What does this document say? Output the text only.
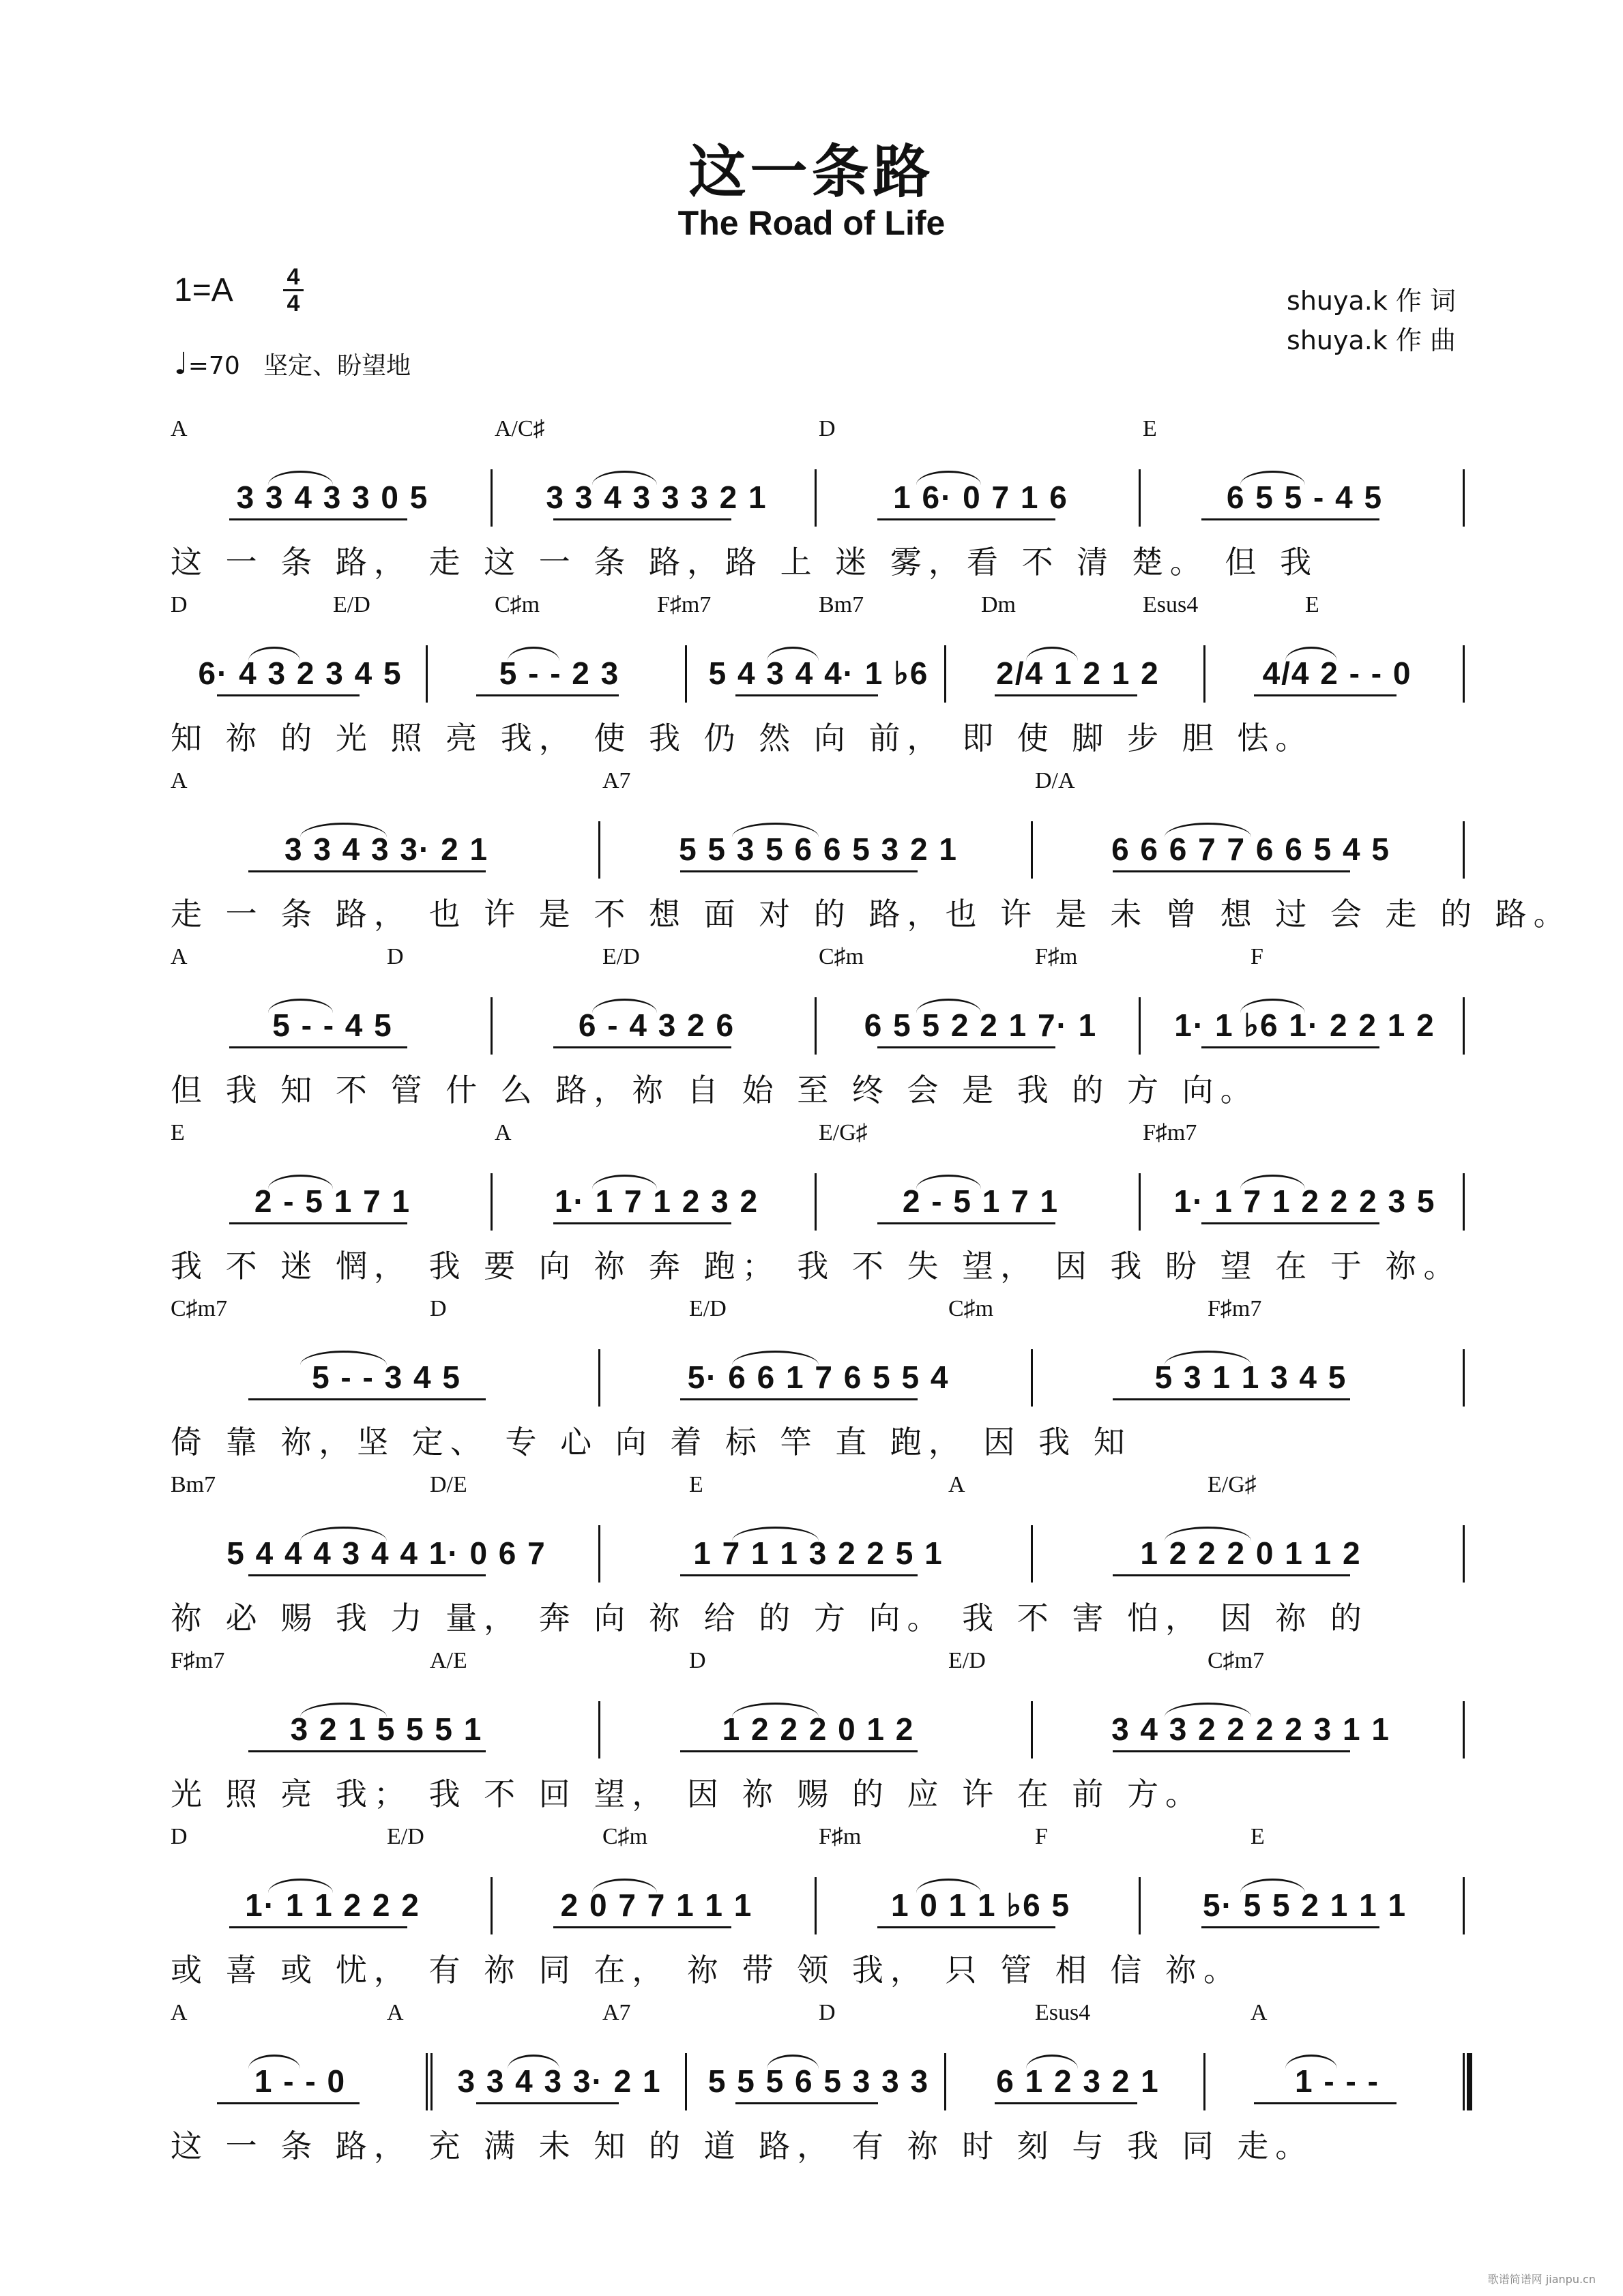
这一条路
The Road of Life
1=A 4
4
♩=70 坚定、盼望地
shuya.k 作 词
shuya.k 作 曲
A	A/C♯	D	E
3 3 4 3 3 0 5	3 3 4 3 3 3 2 1	1 6· 0 7 1 6	6 5 5 - 4 5
这 一 条 路， 走 这 一 条 路，路 上 迷 雾，看 不 清 楚。 但 我
D	E/D	C♯m	F♯m7	Bm7	Dm	Esus4	E
6· 4 3 2 3 4 5	5 - - 2 3	5 4 3 4 4· 1 ♭6	2/4 1 2 1 2	4/4 2 - - 0
知 祢 的 光 照 亮 我， 使 我 仍 然 向 前， 即 使 脚 步 胆 怯。
A	A7	D/A
3 3 4 3 3· 2 1	5 5 3 5 6 6 5 3 2 1	6 6 6 7 7 6 6 5 4 5
走 一 条 路， 也 许 是 不 想 面 对 的 路，也 许 是 未 曾 想 过 会 走 的 路。
A	D	E/D	C♯m	F♯m	F
5 - - 4 5	6 - 4 3 2 6	6 5 5 2 2 1 7· 1	1· 1 ♭6 1· 2 2 1 2
但 我 知 不 管 什 么 路，祢 自 始 至 终 会 是 我 的 方 向。
E	A	E/G♯	F♯m7
2 - 5 1 7 1	1· 1 7 1 2 3 2	2 - 5 1 7 1	1· 1 7 1 2 2 2 3 5
我 不 迷 惘， 我 要 向 祢 奔 跑； 我 不 失 望， 因 我 盼 望 在 于 祢。
C♯m7	D	E/D	C♯m	F♯m7
5 - - 3 4 5	5· 6 6 1 7 6 5 5 4	5 3 1 1 3 4 5
倚 靠 祢，坚 定、 专 心 向 着 标 竿 直 跑， 因 我 知
Bm7	D/E	E	A	E/G♯
5 4 4 4 3 4 4 1· 0 6 7	1 7 1 1 3 2 2 5 1	1 2 2 2 0 1 1 2
祢 必 赐 我 力 量， 奔 向 祢 给 的 方 向。 我 不 害 怕， 因 祢 的
F♯m7	A/E	D	E/D	C♯m7
3 2 1 5 5 5 1	1 2 2 2 0 1 2	3 4 3 2 2 2 2 3 1 1
光 照 亮 我； 我 不 回 望， 因 祢 赐 的 应 许 在 前 方。
D	E/D	C♯m	F♯m	F	E
1· 1 1 2 2 2	2 0 7 7 1 1 1	1 0 1 1 ♭6 5	5· 5 5 2 1 1 1
或 喜 或 忧， 有 祢 同 在， 祢 带 领 我， 只 管 相 信 祢。
A	A	A7	D	Esus4	A
1 - - 0	3 3 4 3 3· 2 1	5 5 5 6 5 3 3 3	6 1 2 3 2 1	1 - - -
这 一 条 路， 充 满 未 知 的 道 路， 有 祢 时 刻 与 我 同 走。
歌谱简谱网 jianpu.cn
